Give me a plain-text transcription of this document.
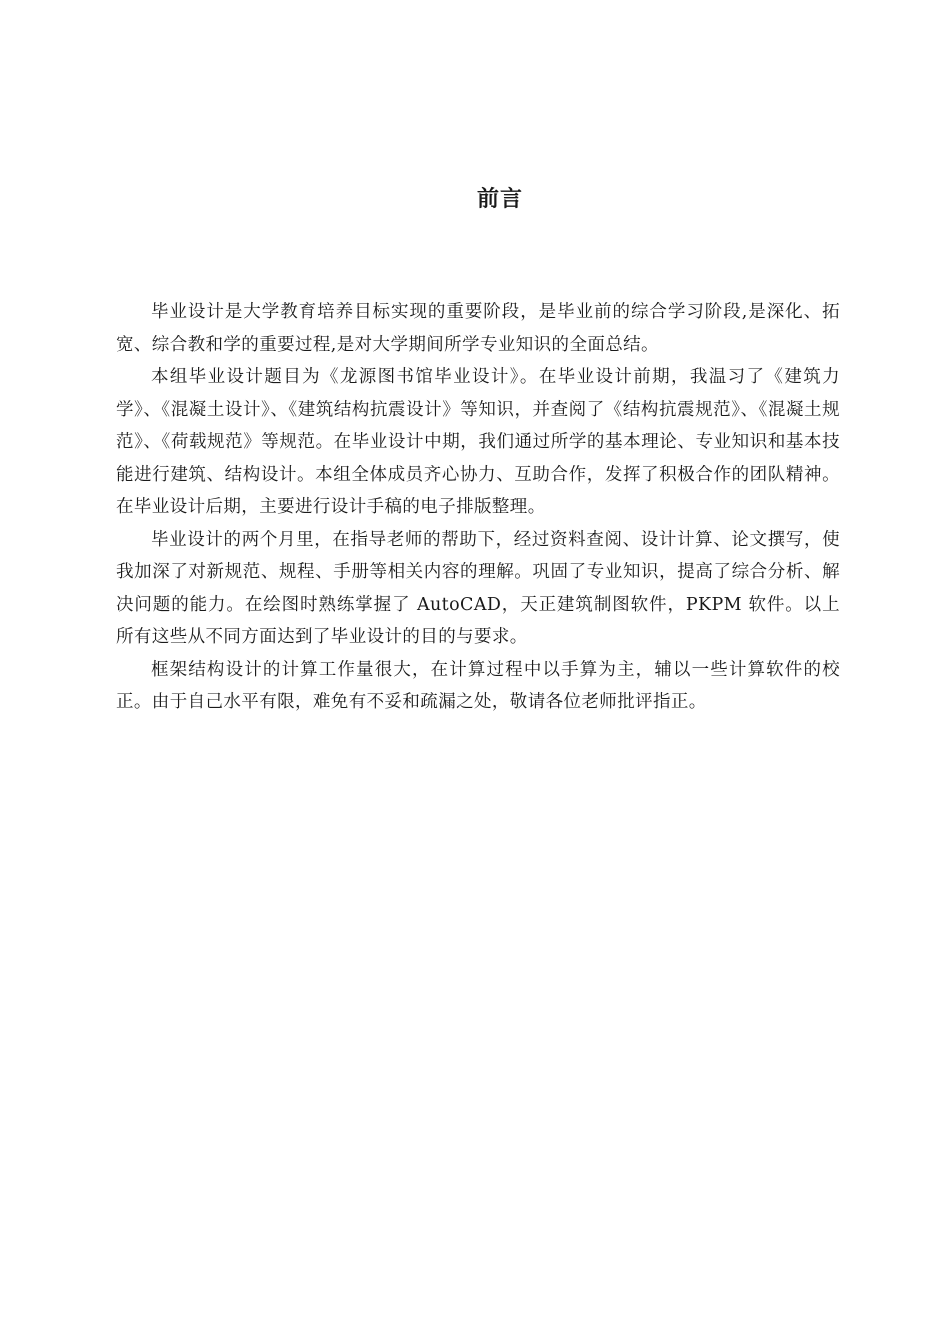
前言

毕业设计是大学教育培养目标实现的重要阶段，是毕业前的综合学习阶段,是深化、拓宽、综合教和学的重要过程,是对大学期间所学专业知识的全面总结。

本组毕业设计题目为《龙源图书馆毕业设计》。在毕业设计前期，我温习了《建筑力学》、《混凝土设计》、《建筑结构抗震设计》等知识，并查阅了《结构抗震规范》、《混凝土规范》、《荷载规范》等规范。在毕业设计中期，我们通过所学的基本理论、专业知识和基本技能进行建筑、结构设计。本组全体成员齐心协力、互助合作，发挥了积极合作的团队精神。在毕业设计后期，主要进行设计手稿的电子排版整理。

毕业设计的两个月里，在指导老师的帮助下，经过资料查阅、设计计算、论文撰写，使我加深了对新规范、规程、手册等相关内容的理解。巩固了专业知识，提高了综合分析、解决问题的能力。在绘图时熟练掌握了 AutoCAD，天正建筑制图软件，PKPM 软件。以上所有这些从不同方面达到了毕业设计的目的与要求。

框架结构设计的计算工作量很大，在计算过程中以手算为主，辅以一些计算软件的校正。由于自己水平有限，难免有不妥和疏漏之处，敬请各位老师批评指正。
